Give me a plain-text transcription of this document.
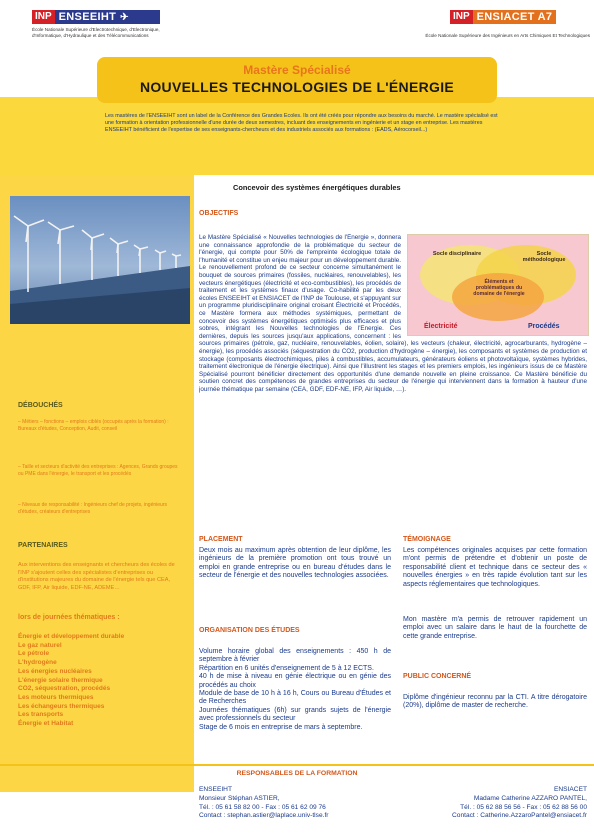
INP ENSEEIHT ✈
École Nationale Supérieure d'Electrotechnique, d'Electronique,
d'Informatique, d'Hydraulique et des Télécommunications
INP ENSIACET A7
École Nationale Supérieure des Ingénieurs en Arts Chimiques Et Technologiques

Les mastères de l'ENSEEIHT sont un label de la Conférence des Grandes Ecoles. Ils ont été créés pour répondre aux besoins du marché. Le mastère spécialisé est une formation à orientation professionnelle d'une durée de deux semestres, incluant des enseignements en ingénierie et un stage en entreprise. Les mastères ENSEEIHT bénéficient de l'expertise de ses enseignants-chercheurs et des industriels associés aux formations : (EADS, Aérocorseil...)

Mastère Spécialisé
NOUVELLES TECHNOLOGIES DE L'ÉNERGIE
Concevoir des systèmes énergétiques durables
DÉBOUCHÉS
– Métiers – fonctions – emplois ciblés (occupés après la formation) : Bureaux d'études, Conception, Audit, conseil
– Taille et secteurs d'activité des entreprises : Agences, Grands groupes ou PME dans l'énergie, le transport et les procédés
– Niveaux de responsabilité : Ingénieurs chef de projets, ingénieurs d'études, créateurs d'entreprises
PARTENAIRES
Aux interventions des enseignants et chercheurs des écoles de l'INP s'ajoutent celles des spécialistes d'entreprises ou d'institutions majeures du domaine de l'énergie tels que CEA, GDF, IFP, Air liquide, EDF-NE, ADEME…
lors de journées thématiques :
Énergie et développement durable
Le gaz naturel
Le pétrole
L'hydrogène
Les énergies nucléaires
L'énergie solaire thermique
CO2, séquestration, procédés
Les moteurs thermiques
Les échangeurs thermiques
Les transports
Énergie et Habitat
OBJECTIFS
Socle disciplinaire	Socle méthodologique
Éléments et problématiques du domaine de l'énergie
Électricité	Procédés
Le Mastère Spécialisé « Nouvelles technologies de l'Énergie », donnera une connaissance approfondie de la problématique du secteur de l'énergie, qui compte pour 50% de l'empreinte écologique totale de l'humanité et constitue un enjeu majeur pour un développement durable. Le renouvellement profond de ce secteur concerne simultanément le bouquet de sources primaires (fossiles, nucléaires, renouvelables), les vecteurs énergétiques (électricité et eco-combustibles), les procédés de traitement et les systèmes finaux d'usage. Co-habilité par les deux écoles ENSEEIHT et ENSIACET de l'INP de Toulouse, et s'appuyant sur un programme pluridisciplinaire original croisant Électricité et Procédés, ce Mastère formera aux méthodes systémiques, permettant de concevoir des systèmes énergétiques optimisés plus efficaces et plus sobres, intégrant les Nouvelles technologies de l'Energie. Ces dernières, depuis les sources jusqu'aux applications, concernent : les sources primaires (pétrole, gaz, nucléaire, renouvelables, éolien, solaire), les vecteurs (chaleur, électricité, agrocarburants, hydrogène – énergie), les procédés associés (séquestration du CO2, production d'hydrogène – énergie), les composants et systèmes de production et stockage (composants électrochimiques, piles à combustibles, accumulateurs, générateurs éoliens et photovoltaïque, systèmes hybrides, traitement électronique de l'énergie électrique). Ainsi que l'illustrent les stages et les premiers emplois, les ingénieurs issus de ce Mastère Spécialisé pourront bénéficier directement des opportunités d'une demande nouvelle en pleine croissance. Ce Mastère bénéficie du soutien concret des compétences de grandes entreprises du secteur de l'énergie qui interviennent dans la formation à hauteur d'une journée thématique par semaine (CEA, GDF, EDF-NE, IFP, Air liquide, …).
PLACEMENT
Deux mois au maximum après obtention de leur diplôme, les ingénieurs de la première promotion ont tous trouvé un emploi en grande entreprise ou en bureau d'études dans le secteur de l'énergie et des nouvelles technologies associées.
ORGANISATION DES ÉTUDES
Volume horaire global des enseignements : 450 h de septembre à février
Répartition en 6 unités d'enseignement de 5 à 12 ECTS.
40 h de mise à niveau en génie électrique ou en génie des procédés au choix
Module de base de 10 h à 16 h, Cours ou Bureau d'Études et de Recherches
Journées thématiques (6h) sur grands sujets de l'énergie avec professionnels du secteur
Stage de 6 mois en entreprise de mars à septembre.
TÉMOIGNAGE
Les compétences originales acquises par cette formation m'ont permis de prétendre et d'obtenir un poste de responsabilité client et technique dans ce secteur des « nouvelles énergies » en très rapide évolution tant sur les aspects réglementaires que technologiques.
Mon mastère m'a permis de retrouver rapidement un emploi avec un salaire dans le haut de la fourchette de cette grande entreprise.
PUBLIC CONCERNÉ
Diplôme d'ingénieur reconnu par la CTI. A titre dérogatoire (20%), diplôme de master de recherche.
RESPONSABLES DE LA FORMATION
ENSEEIHT
Monsieur Stéphan ASTIER,
Tél. : 05 61 58 82 00 - Fax : 05 61 62 09 76
Contact : stephan.astier@laplace.univ-tlse.fr
ENSIACET
Madame Catherine AZZARO PANTEL,
Tél. : 05 62 88 56 56 - Fax : 05 62 88 56 00
Contact : Catherine.AzzaroPantel@ensiacet.fr
